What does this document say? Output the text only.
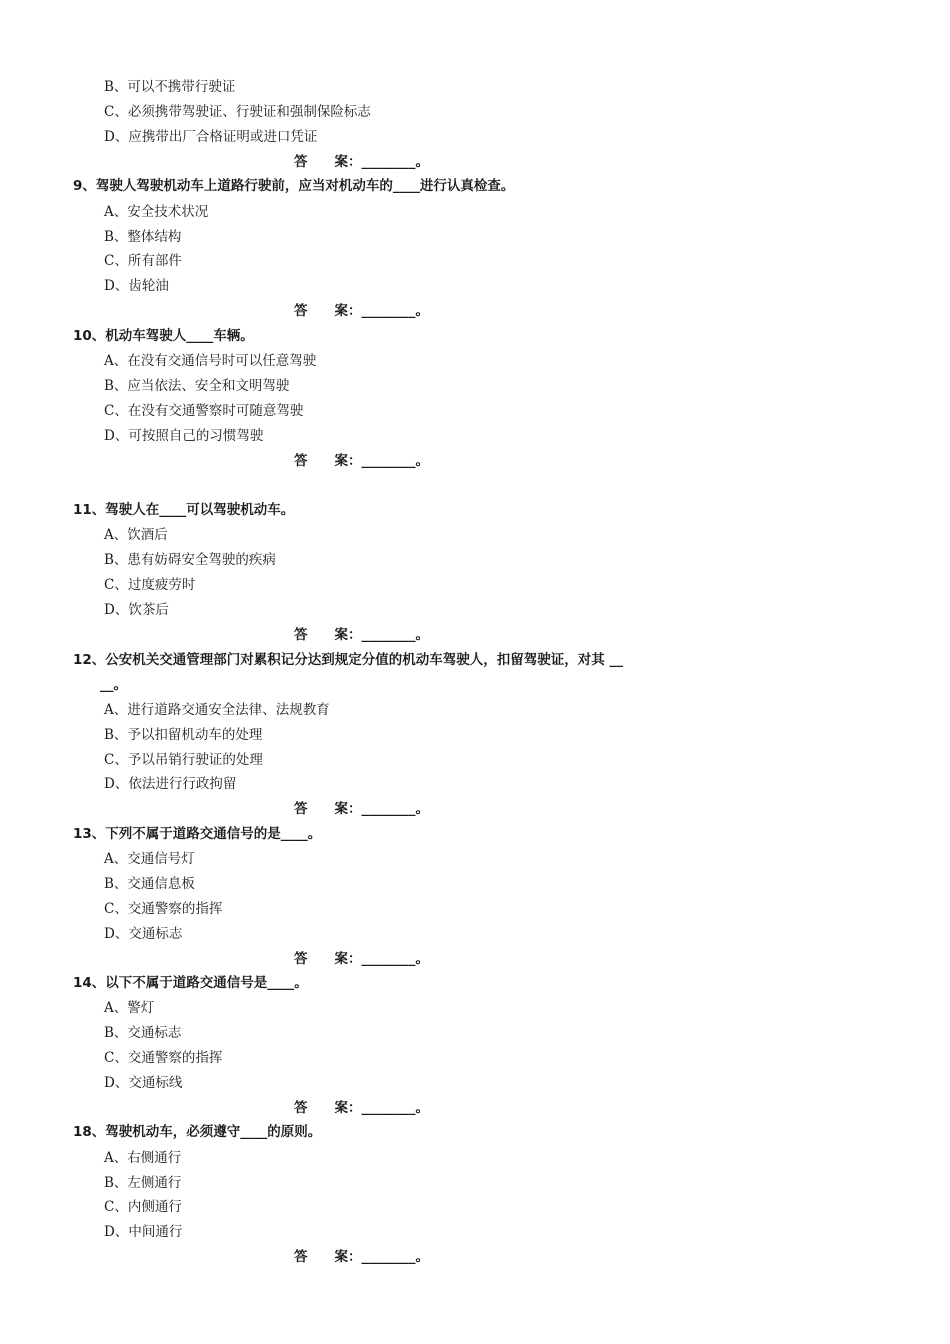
B、可以不携带行驶证
C、必须携带驾驶证、行驶证和强制保险标志
D、应携带出厂合格证明或进口凭证
答　　案：________。
9、驾驶人驾驶机动车上道路行驶前，应当对机动车的____进行认真检查。
A、安全技术状况
B、整体结构
C、所有部件
D、齿轮油
答　　案：________。
10、机动车驾驶人____车辆。
A、在没有交通信号时可以任意驾驶
B、应当依法、安全和文明驾驶
C、在没有交通警察时可随意驾驶
D、可按照自己的习惯驾驶
答　　案：________。
11、驾驶人在____可以驾驶机动车。
A、饮酒后
B、患有妨碍安全驾驶的疾病
C、过度疲劳时
D、饮茶后
答　　案：________。
12、公安机关交通管理部门对累积记分达到规定分值的机动车驾驶人，扣留驾驶证，对其 __
__。
A、进行道路交通安全法律、法规教育
B、予以扣留机动车的处理
C、予以吊销行驶证的处理
D、依法进行行政拘留
答　　案：________。
13、下列不属于道路交通信号的是____。
A、交通信号灯
B、交通信息板
C、交通警察的指挥
D、交通标志
答　　案：________。
14、以下不属于道路交通信号是____。
A、警灯
B、交通标志
C、交通警察的指挥
D、交通标线
答　　案：________。
18、驾驶机动车，必须遵守____的原则。
A、右侧通行
B、左侧通行
C、内侧通行
D、中间通行
答　　案：________。
